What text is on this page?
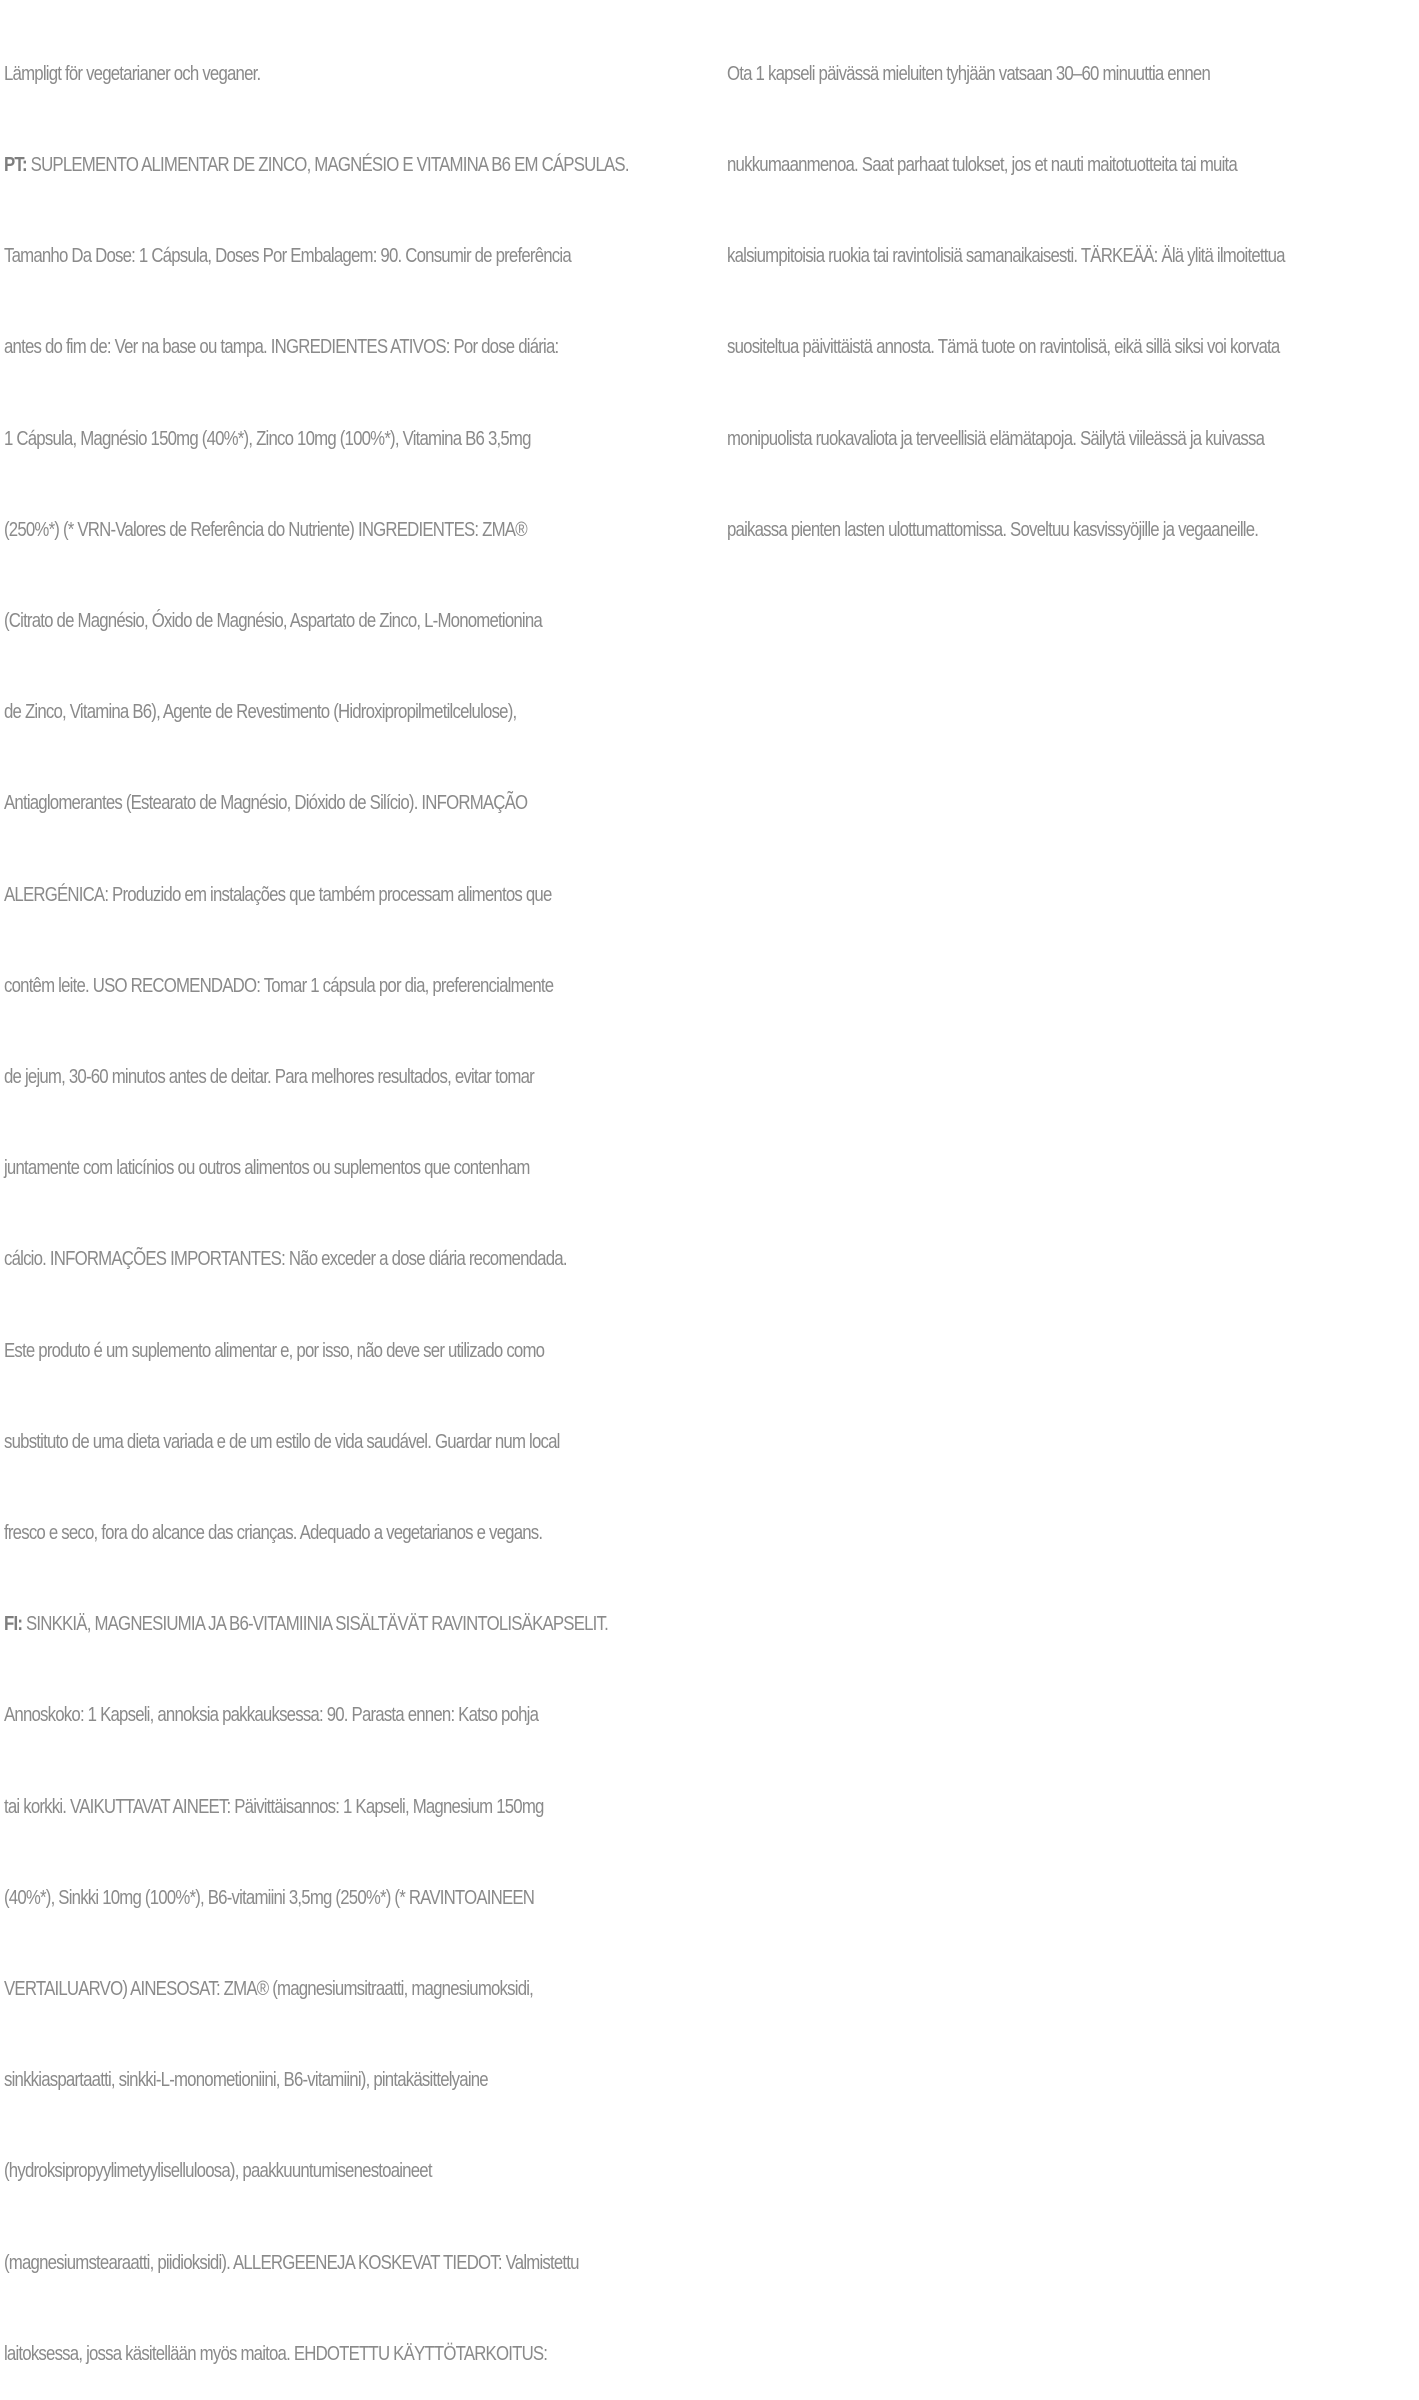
Lämpligt för vegetarianer och veganer.

PT: SUPLEMENTO ALIMENTAR DE ZINCO, MAGNÉSIO E VITAMINA B6 EM CÁPSULAS.

Tamanho Da Dose: 1 Cápsula, Doses Por Embalagem: 90. Consumir de preferência

antes do fim de: Ver na base ou tampa. INGREDIENTES ATIVOS: Por dose diária:

1 Cápsula, Magnésio 150mg (40%*), Zinco 10mg (100%*), Vitamina B6 3,5mg

(250%*) (* VRN-Valores de Referência do Nutriente) INGREDIENTES: ZMA®

(Citrato de Magnésio, Óxido de Magnésio, Aspartato de Zinco, L-Monometionina

de Zinco, Vitamina B6), Agente de Revestimento (Hidroxipropilmetilcelulose),

Antiaglomerantes (Estearato de Magnésio, Dióxido de Silício). INFORMAÇÃO

ALERGÉNICA: Produzido em instalações que também processam alimentos que

contêm leite. USO RECOMENDADO: Tomar 1 cápsula por dia, preferencialmente

de jejum, 30-60 minutos antes de deitar. Para melhores resultados, evitar tomar

juntamente com laticínios ou outros alimentos ou suplementos que contenham

cálcio. INFORMAÇÕES IMPORTANTES: Não exceder a dose diária recomendada.

Este produto é um suplemento alimentar e, por isso, não deve ser utilizado como

substituto de uma dieta variada e de um estilo de vida saudável. Guardar num local

fresco e seco, fora do alcance das crianças. Adequado a vegetarianos e vegans.

FI: SINKKIÄ, MAGNESIUMIA JA B6-VITAMIINIA SISÄLTÄVÄT RAVINTOLISÄKAPSELIT.

Annoskoko: 1 Kapseli, annoksia pakkauksessa: 90. Parasta ennen: Katso pohja

tai korkki. VAIKUTTAVAT AINEET: Päivittäisannos: 1 Kapseli, Magnesium 150mg

(40%*), Sinkki 10mg (100%*), B6-vitamiini 3,5mg (250%*) (* RAVINTOAINEEN

VERTAILUARVO) AINESOSAT: ZMA® (magnesiumsitraatti, magnesiumoksidi,

sinkkiaspartaatti, sinkki-L-monometioniini, B6-vitamiini), pintakäsittelyaine

(hydroksipropyylimetyyliselluloosa), paakkuuntumisenestoaineet

(magnesiumstearaatti, piidioksidi). ALLERGEENEJA KOSKEVAT TIEDOT: Valmistettu

laitoksessa, jossa käsitellään myös maitoa. EHDOTETTU KÄYTTÖTARKOITUS:

Ota 1 kapseli päivässä mieluiten tyhjään vatsaan 30–60 minuuttia ennen

nukkumaanmenoa. Saat parhaat tulokset, jos et nauti maitotuotteita tai muita

kalsiumpitoisia ruokia tai ravintolisiä samanaikaisesti. TÄRKEÄÄ: Älä ylitä ilmoitettua

suositeltua päivittäistä annosta. Tämä tuote on ravintolisä, eikä sillä siksi voi korvata

monipuolista ruokavaliota ja terveellisiä elämätapoja. Säilytä viileässä ja kuivassa

paikassa pienten lasten ulottumattomissa. Soveltuu kasvissyöjille ja vegaaneille.
